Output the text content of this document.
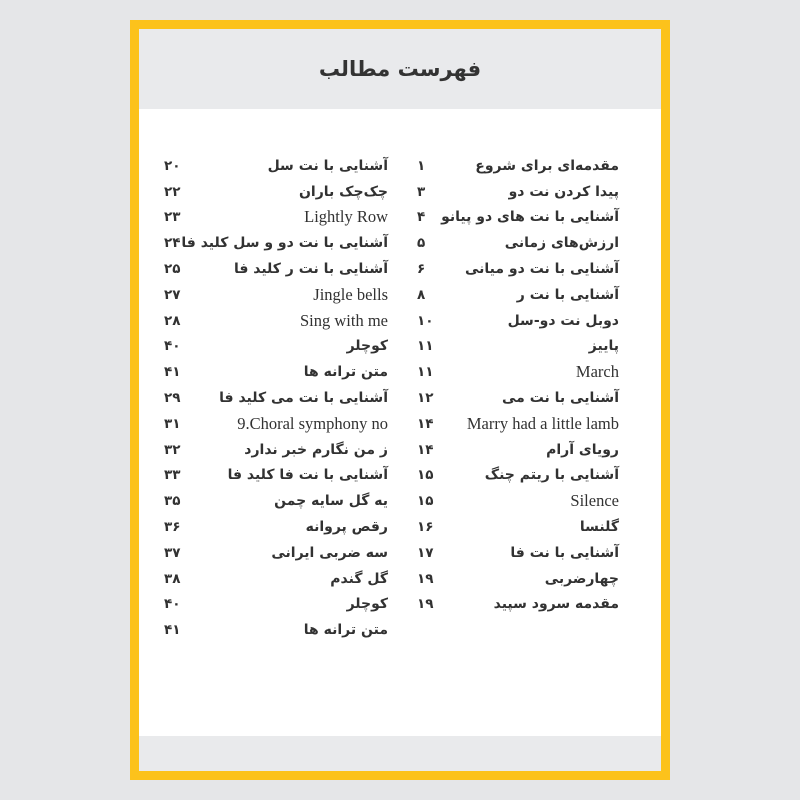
فهرست مطالب
۲۰	آشنایی با نت سل
۲۲	چک‌چک باران
۲۳	Lightly Row
۲۴ آشنایی با نت دو و سل کلید فا
۲۵	آشنایی با نت ر کلید فا
۲۷	Jingle bells
۲۸	Sing with me
۴۰	کوچلر
۴۱	متن ترانه ها
۲۹	آشنایی با نت می کلید فا
۳۱	9.Choral symphony no
۳۲	ز من نگارم خبر ندارد
۳۳	آشنایی با نت فا کلید فا
۳۵	یه گل سایه چمن
۳۶	رقص پروانه
۳۷	سه ضربی ایرانی
۳۸	گل گندم
۴۰	کوچلر
۴۱	متن ترانه ها
۱	مقدمه‌ای برای شروع
۳	پیدا کردن نت دو
۴ آشنایی با نت های دو پیانو
۵	ارزش‌های زمانی
۶	آشنایی با نت دو میانی
۸	آشنایی با نت ر
۱۰	دوبل نت دو-سل
۱۱	پاییز
۱۱	March
۱۲	آشنایی با نت می
۱۴ Marry had a little lamb
۱۴	رویای آرام
۱۵	آشنایی با ریتم چنگ
۱۵	Silence
۱۶	گلنسا
۱۷	آشنایی با نت فا
۱۹	چهارضربی
۱۹	مقدمه سرود سپید
